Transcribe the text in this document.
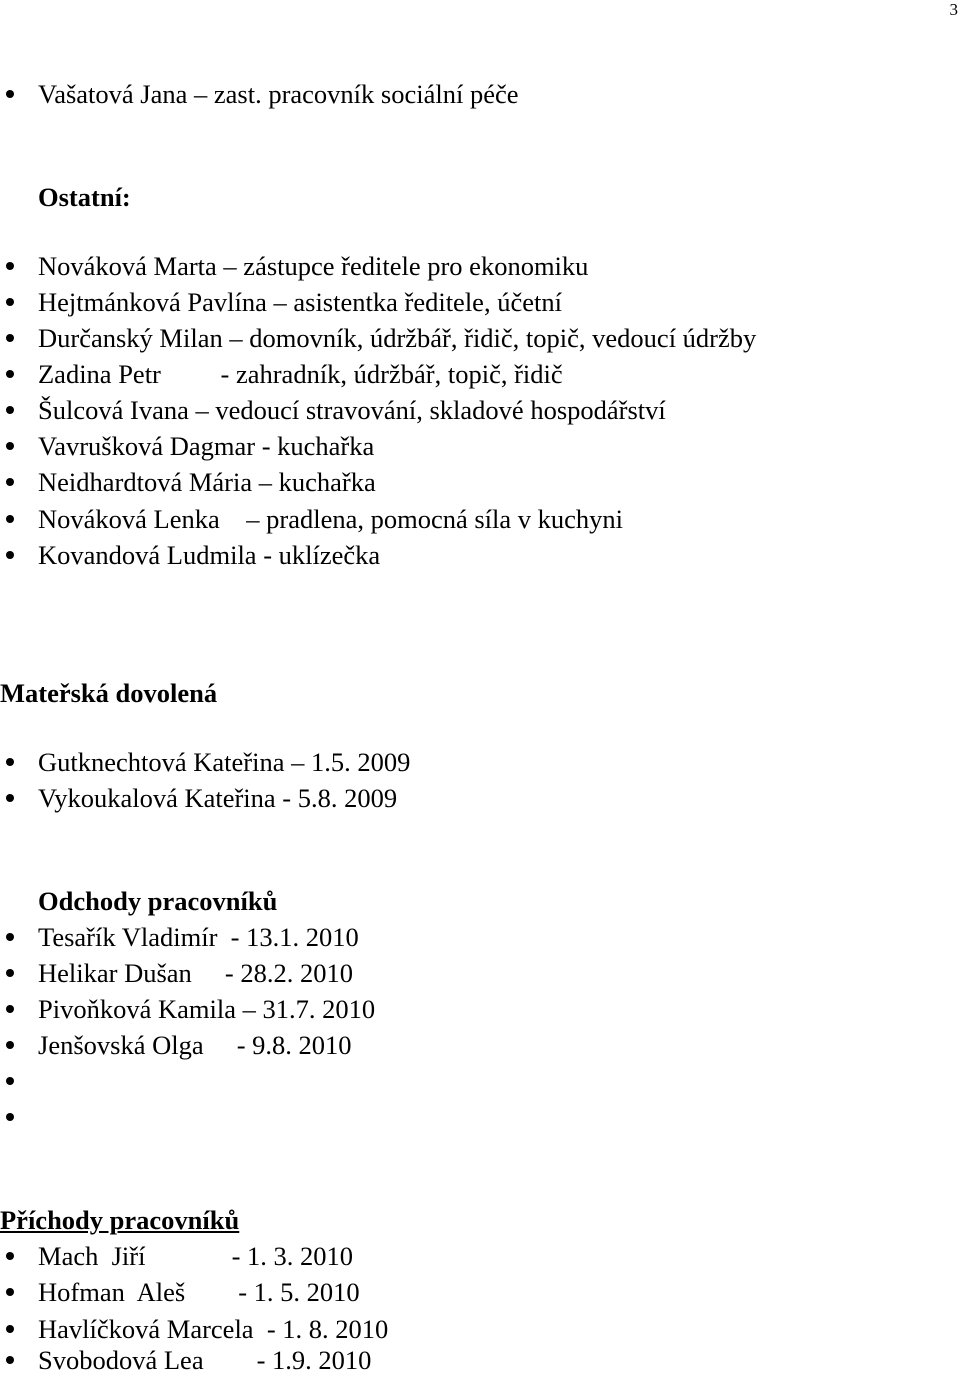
3
Vašatová Jana – zast. pracovník sociální péče
Ostatní:
Nováková Marta – zástupce ředitele pro ekonomiku
Hejtmánková Pavlína – asistentka ředitele, účetní
Durčanský Milan – domovník, údržbář, řidič, topič, vedoucí údržby
Zadina Petr         - zahradník, údržbář, topič, řidič
Šulcová Ivana – vedoucí stravování, skladové hospodářství
Vavrušková Dagmar - kuchařka
Neidhardtová Mária – kuchařka
Nováková Lenka    – pradlena, pomocná síla v kuchyni
Kovandová Ludmila - uklízečka
Mateřská dovolená
Gutknechtová Kateřina – 1.5. 2009
Vykoukalová Kateřina - 5.8. 2009
Odchody pracovníků
Tesařík Vladimír  - 13.1. 2010
Helikar Dušan     - 28.2. 2010
Pivoňková Kamila – 31.7. 2010
Jenšovská Olga     - 9.8. 2010
Příchody pracovníků
Mach  Jiří             - 1. 3. 2010
Hofman  Aleš        - 1. 5. 2010
Havlíčková Marcela  - 1. 8. 2010
Svobodová Lea        - 1.9. 2010
